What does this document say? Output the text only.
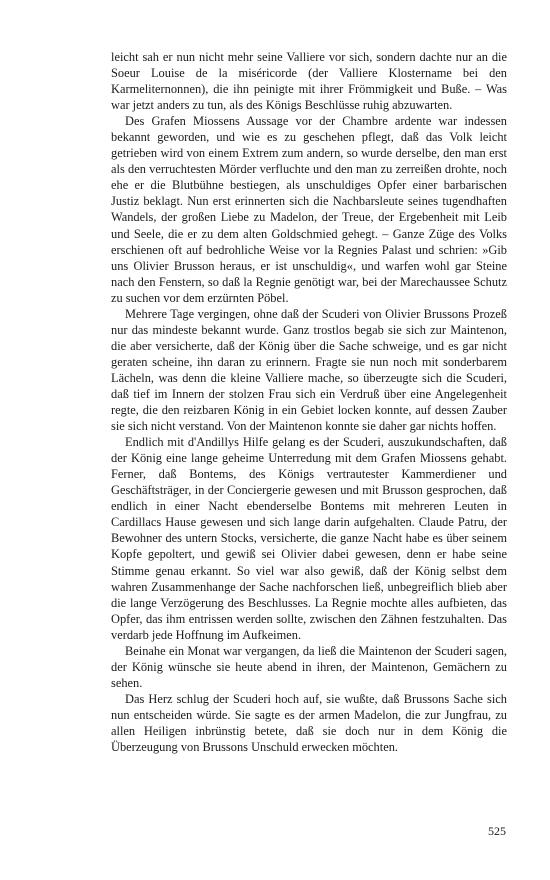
leicht sah er nun nicht mehr seine Valliere vor sich, sondern dachte nur an die Soeur Louise de la miséricorde (der Valliere Klostername bei den Karmeliternonnen), die ihn peinigte mit ihrer Frömmigkeit und Buße. – Was war jetzt anders zu tun, als des Königs Beschlüsse ruhig abzuwarten.

Des Grafen Miossens Aussage vor der Chambre ardente war indessen bekannt geworden, und wie es zu geschehen pflegt, daß das Volk leicht getrieben wird von einem Extrem zum andern, so wurde derselbe, den man erst als den verruchtesten Mörder verfluchte und den man zu zerreißen drohte, noch ehe er die Blutbühne bestiegen, als unschuldiges Opfer einer barbarischen Justiz beklagt. Nun erst erinnerten sich die Nachbarsleute seines tugendhaften Wandels, der großen Liebe zu Madelon, der Treue, der Ergebenheit mit Leib und Seele, die er zu dem alten Goldschmied gehegt. – Ganze Züge des Volks erschienen oft auf bedrohliche Weise vor la Regnies Palast und schrien: »Gib uns Olivier Brusson heraus, er ist unschuldig«, und warfen wohl gar Steine nach den Fenstern, so daß la Regnie genötigt war, bei der Marechaussee Schutz zu suchen vor dem erzürnten Pöbel.

Mehrere Tage vergingen, ohne daß der Scuderi von Olivier Brussons Prozeß nur das mindeste bekannt wurde. Ganz trostlos begab sie sich zur Maintenon, die aber versicherte, daß der König über die Sache schweige, und es gar nicht geraten scheine, ihn daran zu erinnern. Fragte sie nun noch mit sonderbarem Lächeln, was denn die kleine Valliere mache, so überzeugte sich die Scuderi, daß tief im Innern der stolzen Frau sich ein Verdruß über eine Angelegenheit regte, die den reizbaren König in ein Gebiet locken konnte, auf dessen Zauber sie sich nicht verstand. Von der Maintenon konnte sie daher gar nichts hoffen.

Endlich mit d'Andillys Hilfe gelang es der Scuderi, auszukundschaften, daß der König eine lange geheime Unterredung mit dem Grafen Miossens gehabt. Ferner, daß Bontems, des Königs vertrautester Kammerdiener und Geschäftsträger, in der Conciergerie gewesen und mit Brusson gesprochen, daß endlich in einer Nacht ebenderselbe Bontems mit mehreren Leuten in Cardillacs Hause gewesen und sich lange darin aufgehalten. Claude Patru, der Bewohner des untern Stocks, versicherte, die ganze Nacht habe es über seinem Kopfe gepoltert, und gewiß sei Olivier dabei gewesen, denn er habe seine Stimme genau erkannt. So viel war also gewiß, daß der König selbst dem wahren Zusammenhange der Sache nachforschen ließ, unbegreiflich blieb aber die lange Verzögerung des Beschlusses. La Regnie mochte alles aufbieten, das Opfer, das ihm entrissen werden sollte, zwischen den Zähnen festzuhalten. Das verdarb jede Hoffnung im Aufkeimen.

Beinahe ein Monat war vergangen, da ließ die Maintenon der Scuderi sagen, der König wünsche sie heute abend in ihren, der Maintenon, Gemächern zu sehen.

Das Herz schlug der Scuderi hoch auf, sie wußte, daß Brussons Sache sich nun entscheiden würde. Sie sagte es der armen Madelon, die zur Jungfrau, zu allen Heiligen inbrünstig betete, daß sie doch nur in dem König die Überzeugung von Brussons Unschuld erwecken möchten.

525
